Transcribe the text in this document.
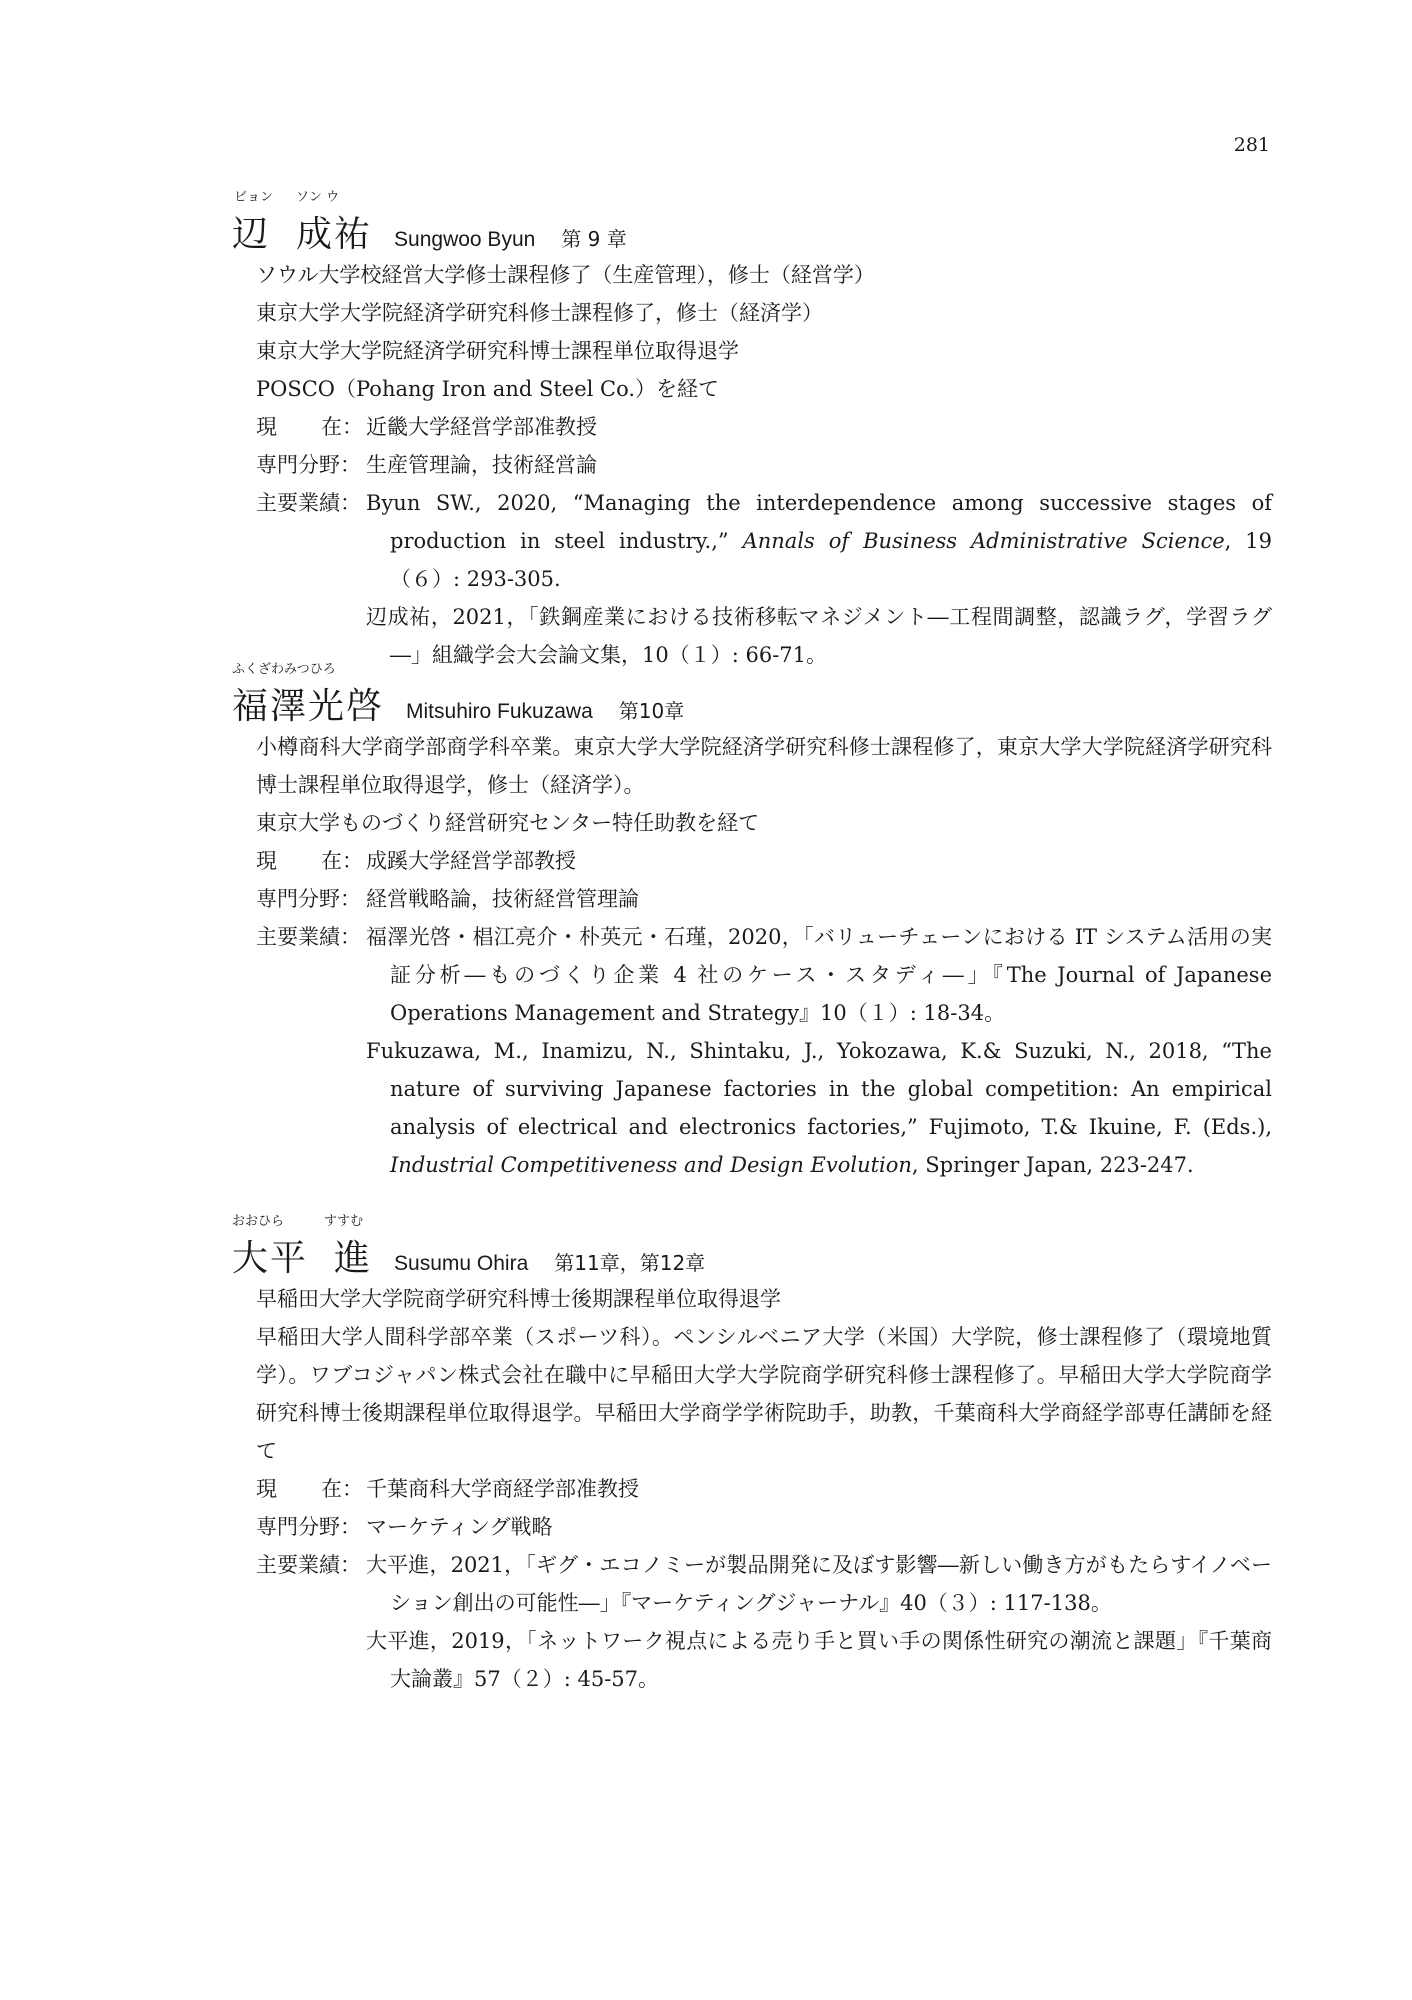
281
ビョン ソン ウ
辺 成祐 Sungwoo Byun 第 9 章
ソウル大学校経営大学修士課程修了（生産管理），修士（経営学）
東京大学大学院経済学研究科修士課程修了，修士（経済学）
東京大学大学院経済学研究科博士課程単位取得退学
POSCO（Pohang Iron and Steel Co.）を経て
現 在： 近畿大学経営学部准教授
専門分野： 生産管理論，技術経営論
主要業績： Byun SW., 2020, “Managing the interdependence among successive stages of production in steel industry.,” Annals of Business Administrative Science, 19（６）: 293-305.
辺成祐，2021，「鉄鋼産業における技術移転マネジメント―工程間調整，認識ラグ，学習ラグ―」組織学会大会論文集，10（１）: 66-71。
ふくざわみつひろ
福澤光啓 Mitsuhiro Fukuzawa 第10章
小樽商科大学商学部商学科卒業。東京大学大学院経済学研究科修士課程修了，東京大学大学院経済学研究科博士課程単位取得退学，修士（経済学）。
東京大学ものづくり経営研究センター特任助教を経て
現 在： 成蹊大学経営学部教授
専門分野： 経営戦略論，技術経営管理論
主要業績： 福澤光啓・椙江亮介・朴英元・石瑾，2020，「バリューチェーンにおける IT システム活用の実証分析―ものづくり企業 4 社のケース・スタディ―」『The Journal of Japanese Operations Management and Strategy』10（１）: 18-34。
Fukuzawa, M., Inamizu, N., Shintaku, J., Yokozawa, K.& Suzuki, N., 2018, “The nature of surviving Japanese factories in the global competition: An empirical analysis of electrical and electronics factories,” Fujimoto, T.& Ikuine, F. (Eds.), Industrial Competitiveness and Design Evolution, Springer Japan, 223-247.
おおひら	すすむ
大平 進 Susumu Ohira 第11章，第12章
早稲田大学大学院商学研究科博士後期課程単位取得退学
早稲田大学人間科学部卒業（スポーツ科）。ペンシルベニア大学（米国）大学院，修士課程修了（環境地質学）。ワブコジャパン株式会社在職中に早稲田大学大学院商学研究科修士課程修了。早稲田大学大学院商学研究科博士後期課程単位取得退学。早稲田大学商学学術院助手，助教，千葉商科大学商経学部専任講師を経て
現 在： 千葉商科大学商経学部准教授
専門分野： マーケティング戦略
主要業績： 大平進，2021，「ギグ・エコノミーが製品開発に及ぼす影響―新しい働き方がもたらすイノベーション創出の可能性―」『マーケティングジャーナル』40（３）: 117-138。
大平進，2019，「ネットワーク視点による売り手と買い手の関係性研究の潮流と課題」『千葉商大論叢』57（２）: 45-57。
